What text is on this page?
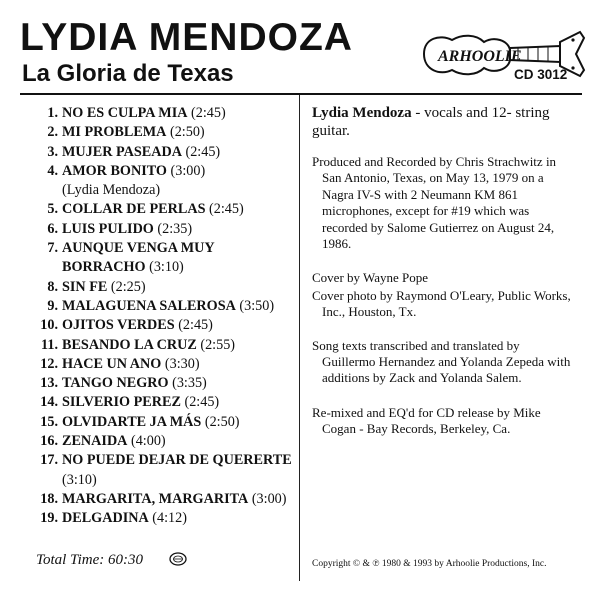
LYDIA MENDOZA
La Gloria de Texas
ARHOOLIE
CD 3012
1. NO ES CULPA MIA (2:45)
2. MI PROBLEMA (2:50)
3. MUJER PASEADA (2:45)
4. AMOR BONITO (3:00)
(Lydia Mendoza)
5. COLLAR DE PERLAS (2:45)
6. LUIS PULIDO (2:35)
7. AUNQUE VENGA MUY BORRACHO (3:10)
8. SIN FE (2:25)
9. MALAGUENA SALEROSA (3:50)
10. OJITOS VERDES (2:45)
11. BESANDO LA CRUZ (2:55)
12. HACE UN ANO (3:30)
13. TANGO NEGRO (3:35)
14. SILVERIO PEREZ (2:45)
15. OLVIDARTE JA MÁS (2:50)
16. ZENAIDA (4:00)
17. NO PUEDE DEJAR DE QUERERTE (3:10)
18. MARGARITA, MARGARITA (3:00)
19. DELGADINA (4:12)
Total Time: 60:30

Lydia Mendoza - vocals and 12- string guitar.

Produced and Recorded by Chris Strachwitz in San Antonio, Texas, on May 13, 1979 on a Nagra IV-S with 2 Neumann KM 861 microphones, except for #19 which was recorded by Salome Gutierrez on August 24, 1986.

Cover by Wayne Pope

Cover photo by Raymond O'Leary, Public Works, Inc., Houston, Tx.

Song texts transcribed and translated by Guillermo Hernandez and Yolanda Zepeda with additions by Zack and Yolanda Salem.

Re-mixed and EQ'd for CD release by Mike Cogan - Bay Records, Berkeley, Ca.

Copyright © & ℗ 1980 & 1993 by Arhoolie Productions, Inc.
